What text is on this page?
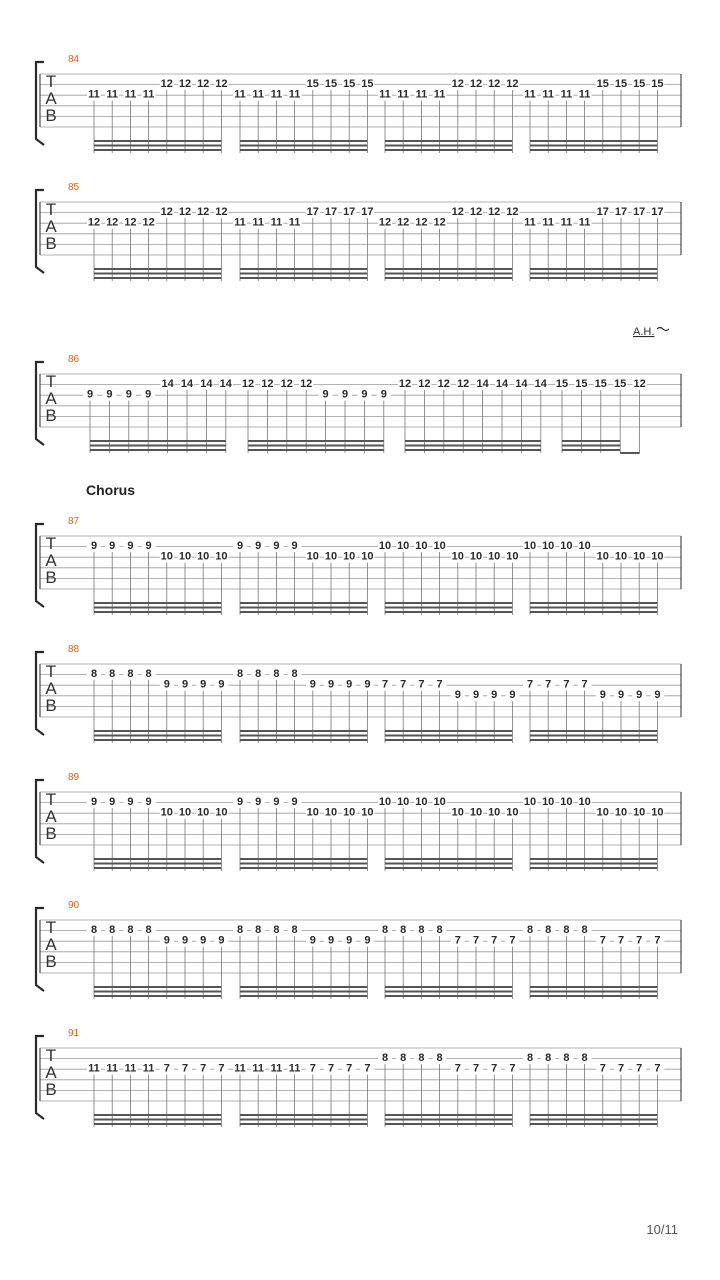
T
A
B
84
11 11 11 11
12 12 12 12
11 11 11 11
15 15 15 15
11 11 11 11
12 12 12 12
11 11 11 11
15 15 15 15
T
A
B
85
12 12 12 12
12 12 12 12
11 11 11 11
17 17 17 17
12 12 12 12
12 12 12 12
11 11 11 11
17 17 17 17
T
A
B
86
9 9 9 9
14 14 14 14 12 12 12 12
9 9 9 9
12 12 12 12 14 14 14 14 15 15 15 15 12
A.H.
T
A
B
87
9 9 9 9
10 10 10 10
9 9 9 9
10 10 10 10
10 10 10 10
10 10 10 10
10 10 10 10
10 10 10 10
T
A
B
88
8 8 8 8
9 9 9 9
8 8 8 8
9 9 9 9 7 7 7 7
9 9 9 9
7 7 7 7
9 9 9 9
T
A
B
89
9 9 9 9
10 10 10 10
9 9 9 9
10 10 10 10
10 10 10 10
10 10 10 10
10 10 10 10
10 10 10 10
T
A
B
90
8 8 8 8
9 9 9 9
8 8 8 8
9 9 9 9
8 8 8 8
7 7 7 7
8 8 8 8
7 7 7 7
T
A
B
91
11 11 11 11 7 7 7 7 11 11 11 11 7 7 7 7
8 8 8 8
7 7 7 7
8 8 8 8
7 7 7 7
Chorus
10/11
